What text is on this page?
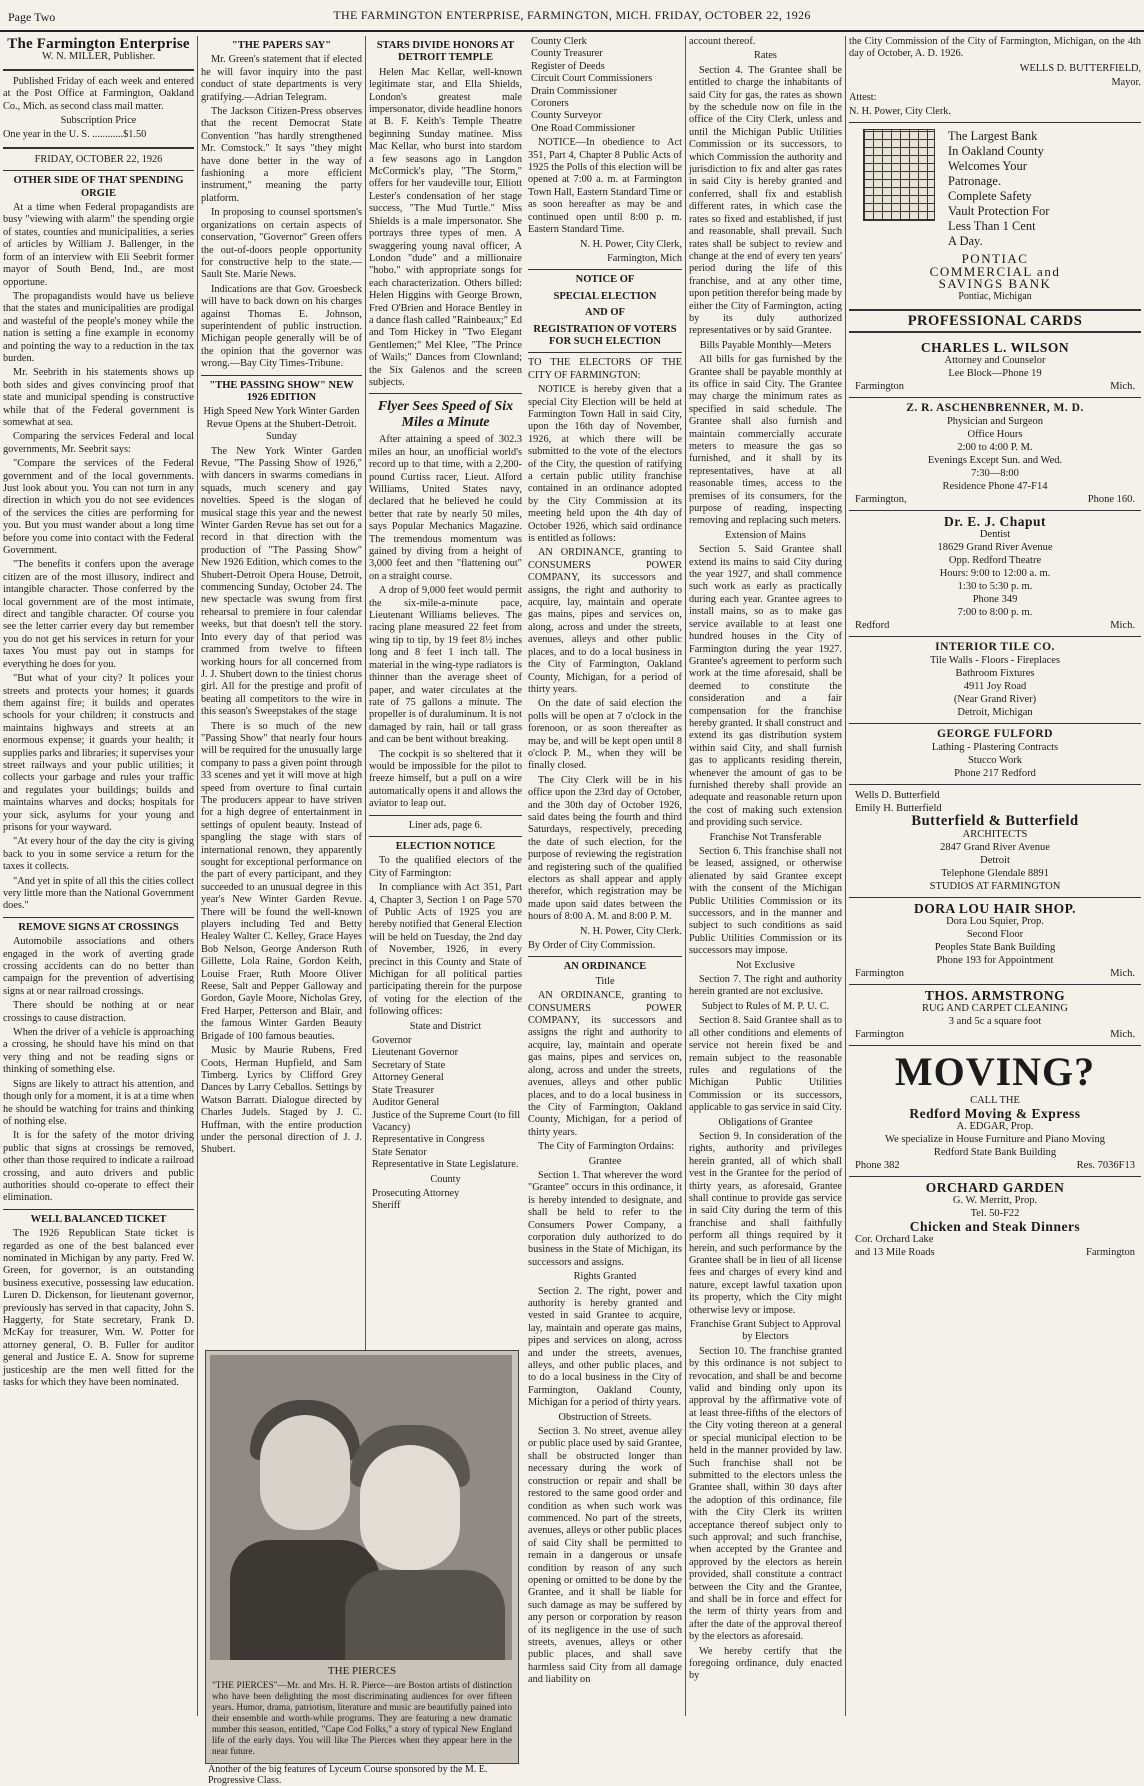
Page Two	THE FARMINGTON ENTERPRISE, FARMINGTON, MICH. FRIDAY, OCTOBER 22, 1926
The Farmington Enterprise
W. N. MILLER, Publisher.

Published Friday of each week and entered at the Post Office at Farmington, Oakland Co., Mich. as second class mail matter.

Subscription Price

One year in the U. S. ............$1.50

FRIDAY, OCTOBER 22, 1926

OTHER SIDE OF THAT SPENDING ORGIE

At a time when Federal propagandists are busy "viewing with alarm" the spending orgie of states, counties and municipalities, a series of articles by William J. Ballenger, in the form of an interview with Eli Seebrit former mayor of South Bend, Ind., are most opportune.

The propagandists would have us believe that the states and municipalities are prodigal and wasteful of the people's money while the nation is setting a fine example in economy and pointing the way to a reduction in the tax burden.

Mr. Seebrith in his statements shows up both sides and gives convincing proof that state and municipal spending is constructive while that of the Federal government is somewhat at sea.

Comparing the services Federal and local governments, Mr. Seebrit says:

"Compare the services of the Federal government and of the local governments. Just look about you. You can not turn in any direction in which you do not see evidences of the services the cities are performing for you. But you must wander about a long time before you come into contact with the Federal Government.

"The benefits it confers upon the average citizen are of the most illusory, indirect and intangible character. Those conferred by the local government are of the most intimate, direct and tangible character. Of course you see the letter carrier every day but remember you do not get his services in return for your taxes You must pay out in stamps for everything he does for you.

"But what of your city? It polices your streets and protects your homes; it guards them against fire; it builds and operates schools for your children; it constructs and maintains highways and streets at an enormous expense; it guards your health; it supplies parks and libraries; it supervises your street railways and your public utilities; it collects your garbage and rules your traffic and regulates your buildings; builds and maintains wharves and docks; hospitals for your sick, asylums for your young and prisons for your wayward.

"At every hour of the day the city is giving back to you in some service a return for the taxes it collects.

"And yet in spite of all this the cities collect very little more than the National Government does."

REMOVE SIGNS AT CROSSINGS

Automobile associations and others engaged in the work of averting grade crossing accidents can do no better than campaign for the prevention of advertising signs at or near railroad crossings.

There should be nothing at or near crossings to cause distraction.

When the driver of a vehicle is approaching a crossing, he should have his mind on that very thing and not be reading signs or thinking of something else.

Signs are likely to attract his attention, and though only for a moment, it is at a time when he should be watching for trains and thinking of nothing else.

It is for the safety of the motor driving public that signs at crossings be removed, other than those required to indicate a railroad crossing, and auto drivers and public authorities should co-operate to effect their elimination.

WELL BALANCED TICKET

The 1926 Republican State ticket is regarded as one of the best balanced ever nominated in Michigan by any party. Fred W. Green, for governor, is an outstanding business executive, possessing law education. Luren D. Dickenson, for lieutenant governor, previously has served in that capacity, John S. Haggerty, for State secretary, Frank D. McKay for treasurer, Wm. W. Potter for attorney general, O. B. Fuller for auditor general and Justice E. A. Snow for supreme justiceship are the men well fitted for the tasks for which they have been nominated.

"THE PAPERS SAY"

Mr. Green's statement that if elected he will favor inquiry into the past conduct of state departments is very gratifying.—Adrian Telegram.

The Jackson Citizen-Press observes that the recent Democrat State Convention "has hardly strengthened Mr. Comstock." It says "they might have done better in the way of fashioning a more efficient instrument," meaning the party platform.

In proposing to counsel sportsmen's organizations on certain aspects of conservation, "Governor" Green offers the out-of-doors people opportunity for constructive help to the state.—Sault Ste. Marie News.

Indications are that Gov. Groesbeck will have to back down on his charges against Thomas E. Johnson, superintendent of public instruction. Michigan people generally will be of the opinion that the governor was wrong.—Bay City Times-Tribune.

"THE PASSING SHOW" NEW 1926 EDITION

High Speed New York Winter Garden Revue Opens at the Shubert-Detroit. Sunday

The New York Winter Garden Revue, "The Passing Show of 1926," with dancers in swarms comedians in squads, much scenery and gay novelties. Speed is the slogan of musical stage this year and the newest Winter Garden Revue has set out for a record in that direction with the production of "The Passing Show" New 1926 Edition, which comes to the Shubert-Detroit Opera House, Detroit, commencing Sunday, October 24. The new spectacle was swung from first rehearsal to premiere in four calendar weeks, but that doesn't tell the story. Into every day of that period was crammed from twelve to fifteen working hours for all concerned from J. J. Shubert down to the tiniest chorus girl. All for the prestige and profit of beating all competitors to the wire in this season's Sweepstakes of the stage

There is so much of the new "Passing Show" that nearly four hours will be required for the unusually large company to pass a given point through 33 scenes and yet it will move at high speed from overture to final curtain The producers appear to have striven for a high degree of entertainment in settings of opulent beauty. Instead of spangling the stage with stars of international renown, they apparently sought for exceptional performance on the part of every participant, and they succeeded to an unusual degree in this year's New Winter Garden Revue. There will be found the well-known players including Ted and Betty Healey Walter C. Kelley, Grace Hayes Bob Nelson, George Anderson Ruth Gillette, Lola Raine, Gordon Keith, Louise Fraer, Ruth Moore Oliver Reese, Salt and Pepper Galloway and Gordon, Gayle Moore, Nicholas Grey, Fred Harper, Petterson and Blair, and the famous Winter Garden Beauty Brigade of 100 famous beauties.

Music by Maurie Rubens, Fred Coots, Herman Hupfield, and Sam Timberg. Lyrics by Clifford Grey Dances by Larry Ceballos. Settings by Watson Barratt. Dialogue directed by Charles Judels. Staged by J. C. Huffman, with the entire production under the personal direction of J. J. Shubert.

STARS DIVIDE HONORS AT DETROIT TEMPLE

Helen Mac Kellar, well-known legitimate star, and Ella Shields, London's greatest male impersonator, divide headline honors at B. F. Keith's Temple Theatre beginning Sunday matinee. Miss Mac Kellar, who burst into stardom a few seasons ago in Langdon McCormick's play, "The Storm," offers for her vaudeville tour, Elliott Lester's condensation of her stage success, "The Mud Turtle." Miss Shields is a male impersonator. She portrays three types of men. A swaggering young naval officer, A London "dude" and a millionaire "hobo." with appropriate songs for each characterization. Others billed: Helen Higgins with George Brown, Fred O'Brien and Horace Bentley in a dance flash called "Rainbeaux;" Ed and Tom Hickey in "Two Elegant Gentlemen;" Mel Klee, "The Prince of Wails;" Dances from Clownland; the Six Galenos and the screen subjects.

Flyer Sees Speed of Six Miles a Minute

After attaining a speed of 302.3 miles an hour, an unofficial world's record up to that time, with a 2,200-pound Curtiss racer, Lieut. Alford Williams, United States navy, declared that he believed he could better that rate by nearly 50 miles, says Popular Mechanics Magazine. The tremendous momentum was gained by diving from a height of 3,000 feet and then "flattening out" on a straight course.

A drop of 9,000 feet would permit the six-mile-a-minute pace, Lieutenant Williams believes. The racing plane measured 22 feet from wing tip to tip, by 19 feet 8½ inches long and 8 feet 1 inch tall. The material in the wing-type radiators is thinner than the average sheet of paper, and water circulates at the rate of 75 gallons a minute. The propeller is of duraluminum. It is not damaged by rain, hail or tall grass and can be bent without breaking.

The cockpit is so sheltered that it would be impossible for the pilot to freeze himself, but a pull on a wire automatically opens it and allows the aviator to leap out.

Liner ads, page 6.

ELECTION NOTICE

To the qualified electors of the City of Farmington:

In compliance with Act 351, Part 4, Chapter 3, Section 1 on Page 570 of Public Acts of 1925 you are hereby notified that General Election will be held on Tuesday, the 2nd day of November, 1926, in every precinct in this County and State of Michigan for all political parties participating therein for the purpose of voting for the election of the following offices:

State and District

Governor
Lieutenant Governor
Secretary of State
Attorney General
State Treasurer
Auditor General
Justice of the Supreme Court (to fill Vacancy)
Representative in Congress
State Senator
Representative in State Legislature.

County

Prosecuting Attorney
Sheriff
THE PIERCES
"THE PIERCES"—Mr. and Mrs. H. R. Pierce—are Boston artists of distinction who have been delighting the most discriminating audiences for over fifteen years. Humor, drama, patriotism, literature and music are beautifully pained into their ensemble and worth-while programs. They are featuring a new dramatic number this season, entitled, "Cape Cod Folks," a story of typical New England life of the early days. You will like The Pierces when they appear here in the near future.
Another of the big features of Lyceum Course sponsored by the M. E. Progressive Class.
County Clerk
County Treasurer
Register of Deeds
Circuit Court Commissioners
Drain Commissioner
Coroners
County Surveyor
One Road Commissioner

NOTICE—In obedience to Act 351, Part 4, Chapter 8 Public Acts of 1925 the Polls of this election will be opened at 7:00 a. m. at Farmington Town Hall, Eastern Standard Time or as soon hereafter as may be and continued open until 8:00 p. m. Eastern Standard Time.

N. H. Power, City Clerk,

Farmington, Mich

NOTICE OF
SPECIAL ELECTION
AND OF
REGISTRATION OF VOTERS FOR SUCH ELECTION

TO THE ELECTORS OF THE CITY OF FARMINGTON:

NOTICE is hereby given that a special City Election will be held at Farmington Town Hall in said City, upon the 16th day of November, 1926, at which there will be submitted to the vote of the electors of the City, the question of ratifying a certain public utility franchise contained in an ordinance adopted by the City Commission at its meeting held upon the 4th day of October 1926, which said ordinance is entitled as follows:

AN ORDINANCE, granting to CONSUMERS POWER COMPANY, its successors and assigns, the right and authority to acquire, lay, maintain and operate gas mains, pipes and services on, along, across and under the streets, avenues, alleys and other public places, and to do a local business in the City of Farmington, Oakland County, Michigan, for a period of thirty years.

On the date of said election the polls will be open at 7 o'clock in the forenoon, or as soon thereafter as may be, and will be kept open until 8 o'clock P. M., when they will be finally closed.

The City Clerk will be in his office upon the 23rd day of October, and the 30th day of October 1926, said dates being the fourth and third Saturdays, respectively, preceding the date of such election, for the purpose of reviewing the registration and registering such of the qualified electors as shall appear and apply therefor, which registration may be made upon said dates between the hours of 8:00 A. M. and 8:00 P. M.

N. H. Power, City Clerk.

By Order of City Commission.

AN ORDINANCE

Title

AN ORDINANCE, granting to CONSUMERS POWER COMPANY, its successors and assigns the right and authority to acquire, lay, maintain and operate gas mains, pipes and services on, along, across and under the streets, avenues, alleys and other public places, and to do a local business in the City of Farmington, Oakland County, Michigan, for a period of thirty years.

The City of Farmington Ordains:

Grantee

Section 1. That wherever the word "Grantee" occurs in this ordinance, it is hereby intended to designate, and shall be held to refer to the Consumers Power Company, a corporation duly authorized to do business in the State of Michigan, its successors and assigns.

Rights Granted

Section 2. The right, power and authority is hereby granted and vested in said Grantee to acquire, lay, maintain and operate gas mains, pipes and services on along, across and under the streets, avenues, alleys, and other public places, and to do a local business in the City of Farmington, Oakland County, Michigan for a period of thirty years.

Obstruction of Streets.

Section 3. No street, avenue alley or public place used by said Grantee, shall be obstructed longer than necessary during the work of construction or repair and shall be restored to the same good order and condition as when such work was commenced. No part of the streets, avenues, alleys or other public places of said City shall be permitted to remain in a dangerous or unsafe condition by reason of any such opening or omitted to be done by the Grantee, and it shall be liable for such damage as may be suffered by any person or corporation by reason of its negligence in the use of such streets, avenues, alleys or other public places, and shall save harmless said City from all damage and liability on

account thereof.

Rates

Section 4. The Grantee shall be entitled to charge the inhabitants of said City for gas, the rates as shown by the schedule now on file in the office of the City Clerk, unless and until the Michigan Public Utilities Commission or its successors, to which Commission the authority and jurisdiction to fix and alter gas rates in said City is hereby granted and conferred, shall fix and establish different rates, in which case the rates so fixed and established, if just and reasonable, shall prevail. Such rates shall be subject to review and change at the end of every ten years' period during the life of this franchise, and at any other time, upon petition therefor being made by either the City of Farmington, acting by its duly authorized representatives or by said Grantee.

Bills Payable Monthly—Meters

All bills for gas furnished by the Grantee shall be payable monthly at its office in said City. The Grantee may charge the minimum rates as specified in said schedule. The Grantee shall also furnish and maintain commercially accurate meters to measure the gas so furnished, and it shall by its representatives, have at all reasonable times, access to the premises of its consumers, for the purpose of reading, inspecting removing and replacing such meters.

Extension of Mains

Section 5. Said Grantee shall extend its mains to said City during the year 1927, and shall commence such work as early as practically during each year. Grantee agrees to install mains, so as to make gas service available to at least one hundred houses in the City of Farmington during the year 1927. Grantee's agreement to perform such work at the time aforesaid, shall be deemed to constitute the consideration and a fair compensation for the franchise hereby granted. It shall construct and extend its gas distribution system within said City, and shall furnish gas to applicants residing therein, whenever the amount of gas to be furnished thereby shall provide an adequate and reasonable return upon the cost of making such extension and providing such service.

Franchise Not Transferable

Section 6. This franchise shall not be leased, assigned, or otherwise alienated by said Grantee except with the consent of the Michigan Public Utilities Commission or its successors, and in the manner and subject to such conditions as said Public Utilities Commission or its successors may impose.

Not Exclusive

Section 7. The right and authority herein granted are not exclusive.

Subject to Rules of M. P. U. C.

Section 8. Said Grantee shall as to all other conditions and elements of service not herein fixed be and remain subject to the reasonable rules and regulations of the Michigan Public Utilities Commission or its successors, applicable to gas service in said City.

Obligations of Grantee

Section 9. In consideration of the rights, authority and privileges herein granted, all of which shall vest in the Grantee for the period of thirty years, as aforesaid, Grantee shall continue to provide gas service in said City during the term of this franchise and shall faithfully perform all things required by it herein, and such performance by the Grantee shall be in lieu of all license fees and charges of every kind and nature, except lawful taxation upon its property, which the City might otherwise levy or impose.

Franchise Grant Subject to Approval by Electors

Section 10. The franchise granted by this ordinance is not subject to revocation, and shall be and become valid and binding only upon its approval by the affirmative vote of at least three-fifths of the electors of the City voting thereon at a general or special municipal election to be held in the manner provided by law. Such franchise shall not be submitted to the electors unless the Grantee shall, within 30 days after the adoption of this ordinance, file with the City Clerk its written acceptance thereof subject only to such approval; and such franchise, when accepted by the Grantee and approved by the electors as herein provided, shall constitute a contract between the City and the Grantee, and shall be in force and effect for the term of thirty years from and after the date of the approval thereof by the electors as aforesaid.

We hereby certify that the foregoing ordinance, duly enacted by

the City Commission of the City of Farmington, Michigan, on the 4th day of October, A. D. 1926.

WELLS D. BUTTERFIELD,

Mayor.

Attest:

N. H. Power, City Clerk.

The Largest Bank
In Oakland County
Welcomes Your
Patronage.
Complete Safety
Vault Protection For
Less Than 1 Cent
A Day.
PONTIAC
COMMERCIAL and
SAVINGS BANK
Pontiac, Michigan
PROFESSIONAL CARDS
CHARLES L. WILSON
Attorney and Counselor
Lee Block—Phone 19
Farmington	Mich.
Z. R. ASCHENBRENNER, M. D.
Physician and Surgeon
Office Hours
2:00 to 4:00 P. M.
Evenings Except Sun. and Wed.
7:30—8:00
Residence Phone 47-F14
Farmington,	Phone 160.
Dr. E. J. Chaput
Dentist
18629 Grand River Avenue
Opp. Redford Theatre
Hours: 9:00 to 12:00 a. m.
1:30 to 5:30 p. m.
Phone 349
7:00 to 8:00 p. m.
Redford	Mich.
INTERIOR TILE CO.
Tile Walls - Floors - Fireplaces
Bathroom Fixtures
4911 Joy Road
(Near Grand River)
Detroit, Michigan
GEORGE FULFORD
Lathing - Plastering Contracts
Stucco Work
Phone 217 Redford
Wells D. Butterfield
Emily H. Butterfield
Butterfield & Butterfield
ARCHITECTS
2847 Grand River Avenue
Detroit
Telephone Glendale 8891
STUDIOS AT FARMINGTON
DORA LOU HAIR SHOP.
Dora Lou Squier, Prop.
Second Floor
Peoples State Bank Building
Phone 193 for Appointment
Farmington	Mich.
THOS. ARMSTRONG
RUG AND CARPET CLEANING
3 and 5c a square foot
Farmington	Mich.
MOVING?
CALL THE
Redford Moving & Express
A. EDGAR, Prop.
We specialize in House Furniture and Piano Moving
Redford State Bank Building
Phone 382	Res. 7036F13
ORCHARD GARDEN
G. W. Merritt, Prop.
Tel. 50-F22
Chicken and Steak Dinners
Cor. Orchard Lake
and 13 Mile Roads	Farmington
